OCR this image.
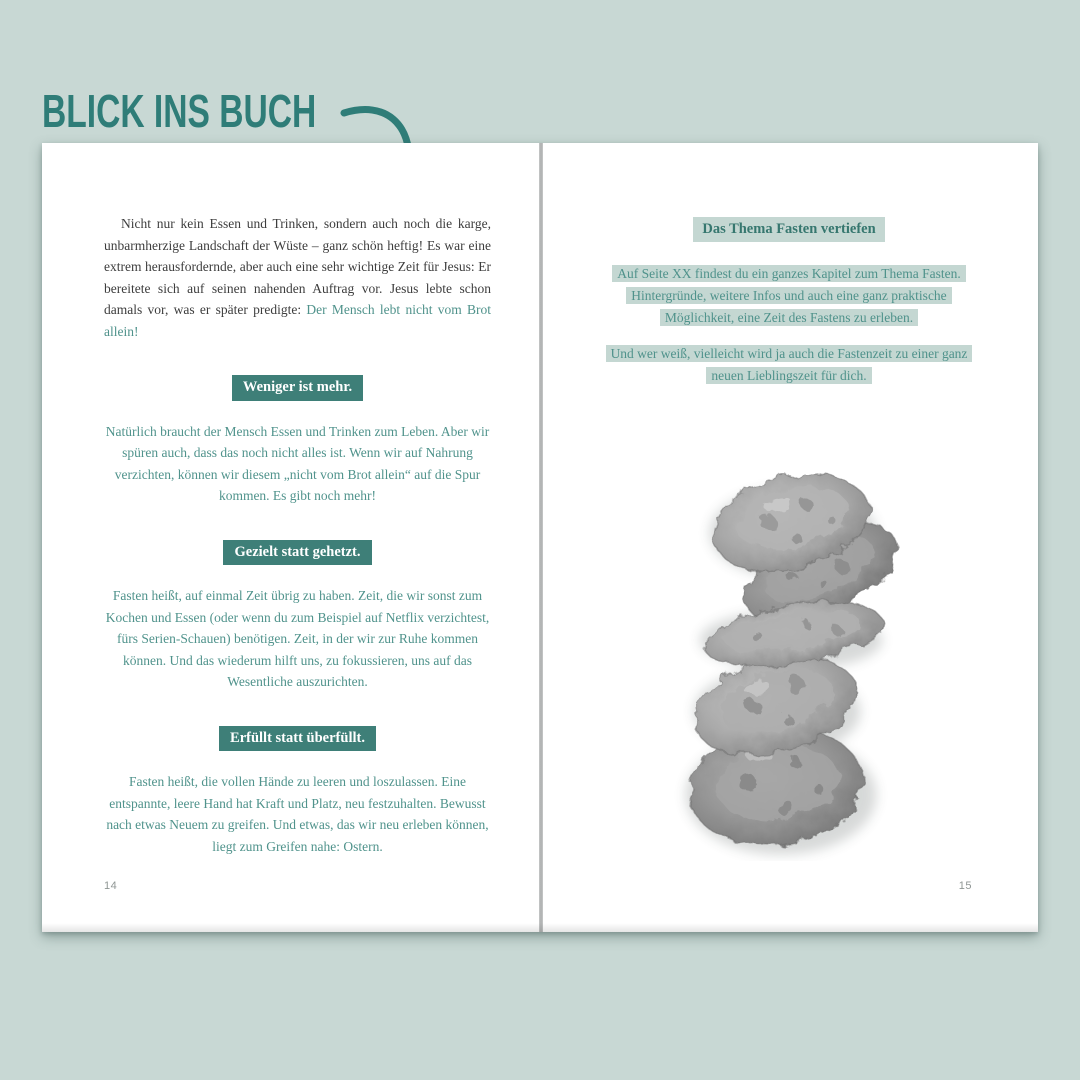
BLICK INS BUCH

Nicht nur kein Essen und Trinken, sondern auch noch die karge, unbarmherzige Landschaft der Wüste – ganz schön heftig! Es war eine extrem herausfordernde, aber auch eine sehr wichtige Zeit für Jesus: Er bereitete sich auf seinen nahenden Auftrag vor. Jesus lebte schon damals vor, was er später predigte: Der Mensch lebt nicht vom Brot allein!

Weniger ist mehr.

Natürlich braucht der Mensch Essen und Trinken zum Leben. Aber wir spüren auch, dass das noch nicht alles ist. Wenn wir auf Nahrung verzichten, können wir diesem „nicht vom Brot allein“ auf die Spur kommen. Es gibt noch mehr!

Gezielt statt gehetzt.

Fasten heißt, auf einmal Zeit übrig zu haben. Zeit, die wir sonst zum Kochen und Essen (oder wenn du zum Beispiel auf Netflix verzichtest, fürs Serien-Schauen) benötigen. Zeit, in der wir zur Ruhe kommen können. Und das wiederum hilft uns, zu fokussieren, uns auf das Wesentliche auszurichten.

Erfüllt statt überfüllt.

Fasten heißt, die vollen Hände zu leeren und loszulassen. Eine entspannte, leere Hand hat Kraft und Platz, neu festzuhalten. Bewusst nach etwas Neuem zu greifen. Und etwas, das wir neu erleben können, liegt zum Greifen nahe: Ostern.

14
Das Thema Fasten vertiefen

Auf Seite XX findest du ein ganzes Kapitel zum Thema Fasten. Hintergründe, weitere Infos und auch eine ganz praktische Möglichkeit, eine Zeit des Fastens zu erleben.

Und wer weiß, vielleicht wird ja auch die Fastenzeit zu einer ganz neuen Lieblingszeit für dich.

15
